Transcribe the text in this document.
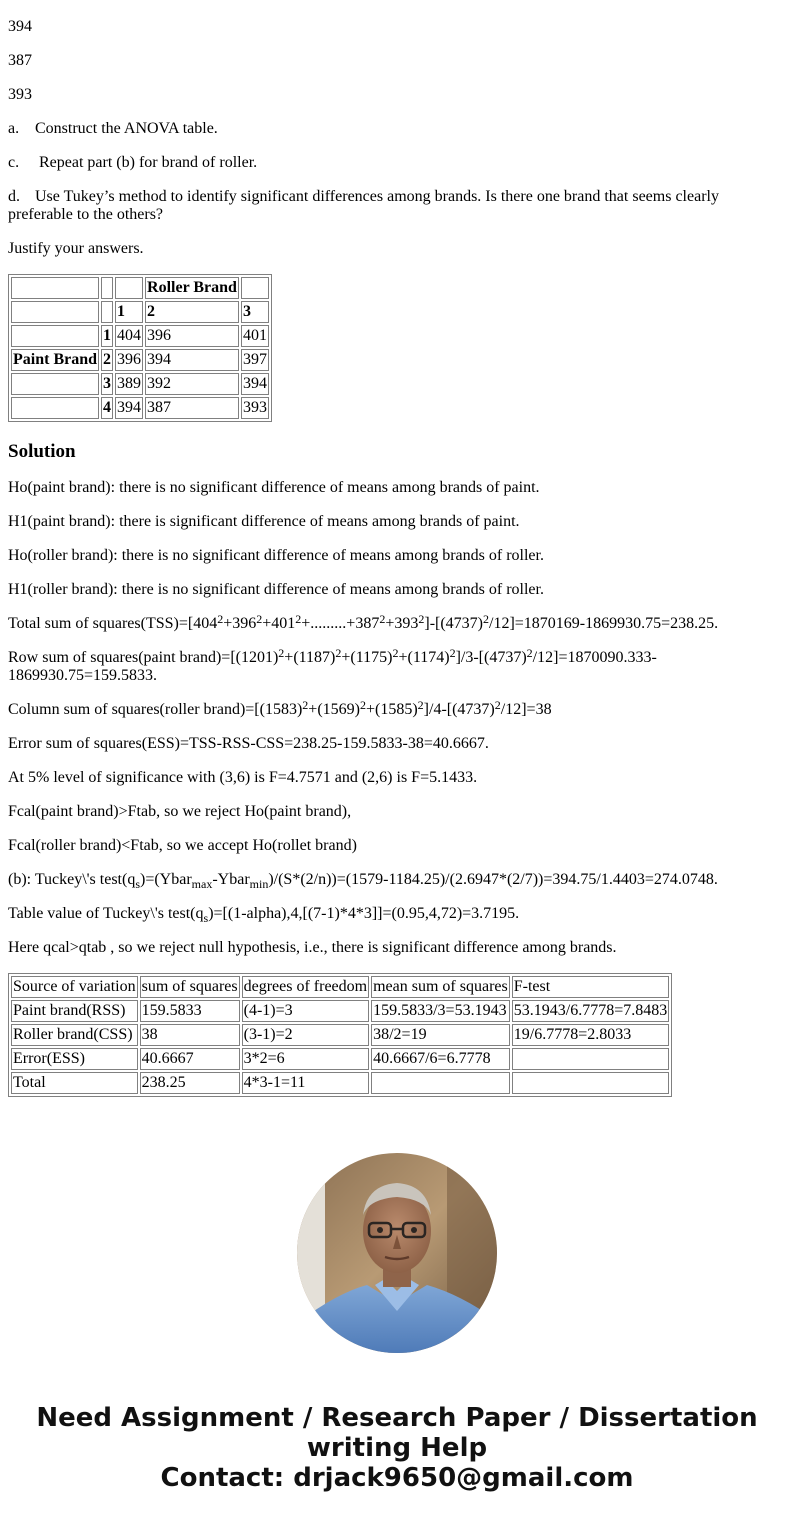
394

387

393

a. Construct the ANOVA table.
c. Repeat part (b) for brand of roller.
d. Use Tukey’s method to identify significant differences among brands. Is there one brand that seems clearly preferable to the others?

Justify your answers.

			Roller Brand	
		1	2	3
	1	404	396	401
Paint Brand	2	396	394	397
	3	389	392	394
	4	394	387	393
Solution

Ho(paint brand): there is no significant difference of means among brands of paint.

H1(paint brand): there is significant difference of means among brands of paint.

Ho(roller brand): there is no significant difference of means among brands of roller.

H1(roller brand): there is no significant difference of means among brands of roller.

Total sum of $squares(TSS)=[404^2+396^2+401^2+.........+387^2+393^2]-[(4737)^2/12]=1870169-1869930.75=238.25$.

Row sum of squares(paint $brand)=[(1201)^2+(1187)^2+(1175)^2+(1174)^2]/3-[(4737)^2/12]=1870090.333-1869930.75=159.5833$.

Column sum of squares(roller $brand)=[(1583)^2+(1569)^2+(1585)^2]/4-[(4737)^2/12]=38$

Error sum of squares(ESS)=TSS-RSS-CSS=238.25-159.5833-38=40.6667.

At 5% level of significance with (3,6) is F=4.7571 and (2,6) is F=5.1433.

Fcal(paint brand)>Ftab, so we reject Ho(paint brand),

Fcal(roller brand)<Ftab, so we accept Ho(rollet brand)

(b): Tuckey\'s $test(q_s)=(Ybar_{max}-Ybar_{min})/(S*(2/n))=(1579-1184.25)/(2.6947*(2/7))=394.75/1.4403=274.0748$.

Table value of Tuckey\'s $test(q_s)=[(1-alpha),4,[(7-1)*4*3]]=(0.95,4,72)=3.7195$.

Here qcal>qtab , so we reject null hypothesis, i.e., there is significant difference among brands.

Source of variation	sum of squares	degrees of freedom	mean sum of squares	F-test
Paint brand(RSS)	159.5833	(4-1)=3	159.5833/3=53.1943	53.1943/6.7778=7.8483
Roller brand(CSS)	38	(3-1)=2	38/2=19	19/6.7778=2.8033
Error(ESS)	40.6667	3*2=6	40.6667/6=6.7778	
Total	238.25	4*3-1=11		
Need Assignment / Research Paper / Dissertation
writing Help
Contact: drjack9650@gmail.com
